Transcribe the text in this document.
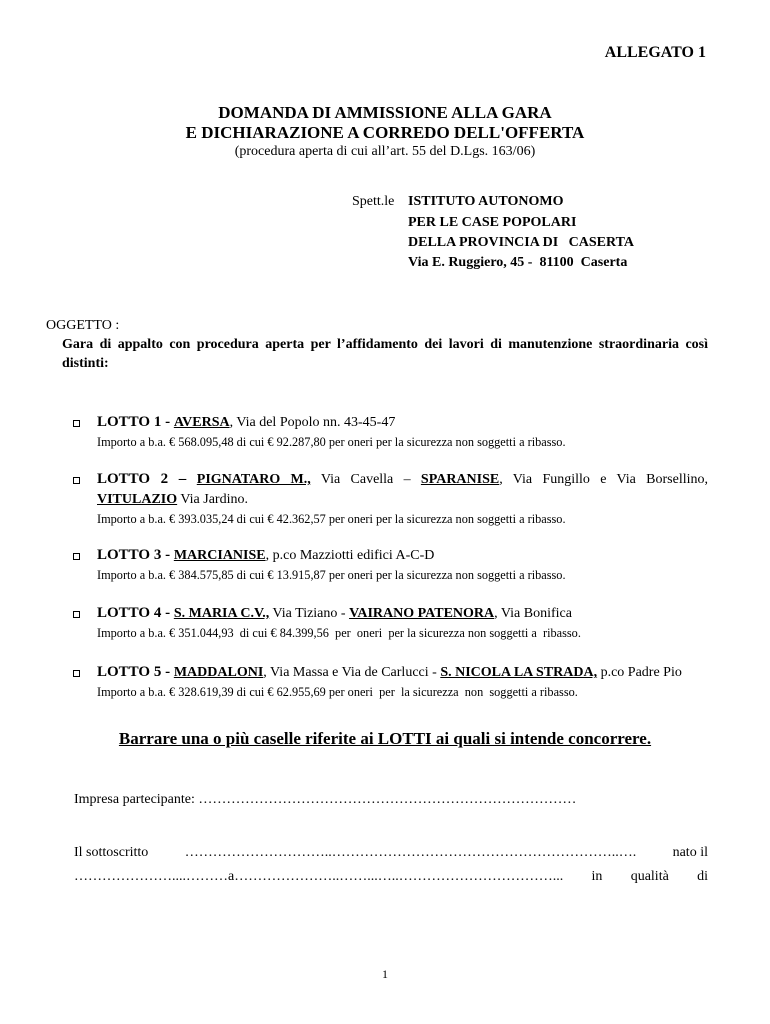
ALLEGATO 1
DOMANDA DI AMMISSIONE ALLA GARA
E DICHIARAZIONE A CORREDO DELL'OFFERTA
(procedura aperta di cui all’art. 55 del D.Lgs. 163/06)
Spett.le ISTITUTO AUTONOMO
PER LE CASE POPOLARI
DELLA PROVINCIA DI   CASERTA
Via E. Ruggiero, 45 -  81100  Caserta
OGGETTO :
Gara di appalto con procedura aperta per l’affidamento dei lavori di manutenzione straordinaria così distinti:
LOTTO 1 - AVERSA, Via del Popolo nn. 43-45-47
Importo a b.a. € 568.095,48 di cui € 92.287,80 per oneri per la sicurezza non soggetti a ribasso.
LOTTO 2 – PIGNATARO M., Via Cavella – SPARANISE, Via Fungillo e Via Borsellino,
VITULAZIO Via Jardino.
Importo a b.a. € 393.035,24 di cui € 42.362,57 per oneri per la sicurezza non soggetti a ribasso.
LOTTO 3 - MARCIANISE, p.co Mazziotti edifici A-C-D
Importo a b.a. € 384.575,85 di cui € 13.915,87 per oneri per la sicurezza non soggetti a ribasso.
LOTTO 4 - S. MARIA C.V., Via Tiziano - VAIRANO PATENORA, Via Bonifica
Importo a b.a. € 351.044,93  di cui € 84.399,56  per  oneri  per la sicurezza non soggetti a  ribasso.
LOTTO 5 - MADDALONI, Via Massa e Via de Carlucci - S. NICOLA LA STRADA, p.co Padre Pio
Importo a b.a. € 328.619,39 di cui € 62.955,69 per oneri  per  la sicurezza  non  soggetti a ribasso.
Barrare una o più caselle riferite ai LOTTI ai quali si intende concorrere.
Impresa partecipante: ………………………………………………………………………
Il sottoscritto	…………………………..……………………………………………………..….	nato il
…………………....………a…………………..……...…..……………………………... in qualità di
1
